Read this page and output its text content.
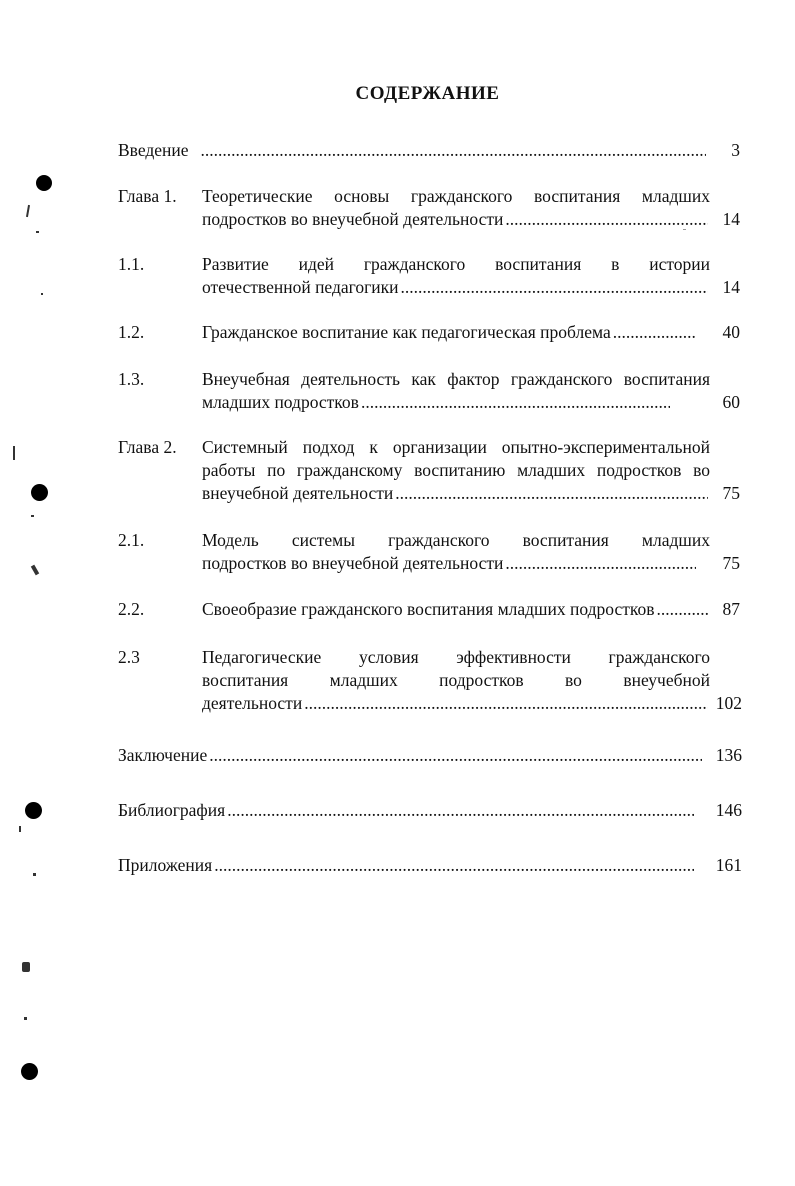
СОДЕРЖАНИЕ
Введение .....	3
Глава 1. Теоретические основы гражданского воспитания младших
подростков во внеучебной деятельности .....	14
1.1.	Развитие идей гражданского воспитания в истории
отечественной педагогики .....	14
1.2.	Гражданское воспитание как педагогическая проблема .....	40
1.3.	Внеучебная деятельность как фактор гражданского воспитания
младших подростков .....	60
Глава 2. Системный подход к организации опытно-экспериментальной
работы по гражданскому воспитанию младших подростков во
внеучебной деятельности .....	75
2.1.	Модель системы гражданского воспитания младших
подростков во внеучебной деятельности .....	75
2.2.	Своеобразие гражданского воспитания младших подростков .....	87
2.3	Педагогические условия эффективности гражданского
воспитания младших подростков во внеучебной
деятельности .....	102
Заключение .....	136
Библиография .....	146
Приложения .....	161
